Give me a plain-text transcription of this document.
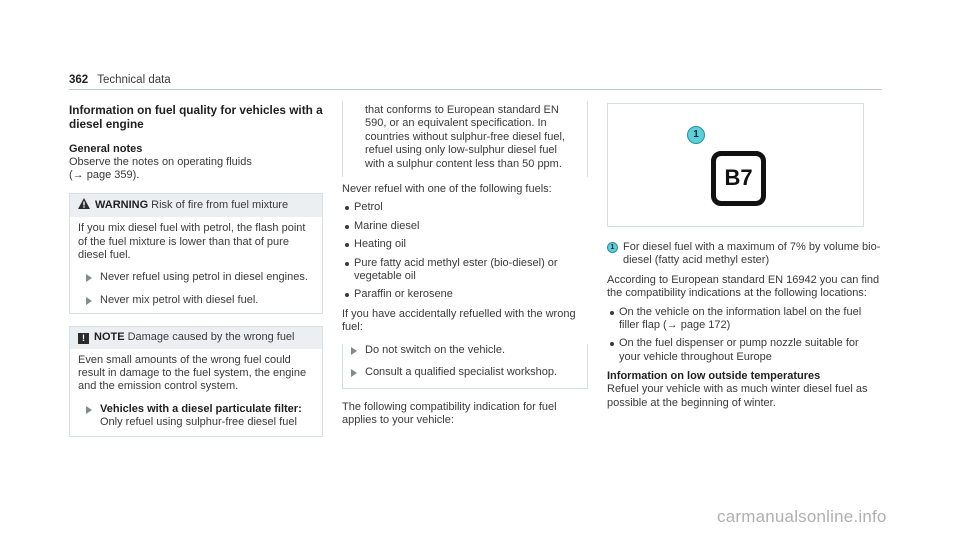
362 Technical data
Information on fuel quality for vehicles with a diesel engine
General notes

Observe the notes on operating fluids
(→ page 359).

WARNING Risk of fire from fuel mixture

If you mix diesel fuel with petrol, the flash point of the fuel mixture is lower than that of pure diesel fuel.

Never refuel using petrol in diesel engines.
Never mix petrol with diesel fuel.
! NOTE Damage caused by the wrong fuel

Even small amounts of the wrong fuel could result in damage to the fuel system, the engine and the emission control system.

Vehicles with a diesel particulate filter:
Only refuel using sulphur-free diesel fuel

that conforms to European standard EN 590, or an equivalent specification. In countries without sulphur-free diesel fuel, refuel using only low-sulphur diesel fuel with a sulphur content less than 50 ppm.

Never refuel with one of the following fuels:

Petrol
Marine diesel
Heating oil
Pure fatty acid methyl ester (bio-diesel) or vegetable oil
Paraffin or kerosene

If you have accidentally refuelled with the wrong fuel:

Do not switch on the vehicle.
Consult a qualified specialist workshop.

The following compatibility indication for fuel applies to your vehicle:

1
B7
1 For diesel fuel with a maximum of 7% by volume bio-diesel (fatty acid methyl ester)

According to European standard EN 16942 you can find the compatibility indications at the following locations:

On the vehicle on the information label on the fuel filler flap (→ page 172)
On the fuel dispenser or pump nozzle suitable for your vehicle throughout Europe
Information on low outside temperatures

Refuel your vehicle with as much winter diesel fuel as possible at the beginning of winter.

carmanualsonline.info
